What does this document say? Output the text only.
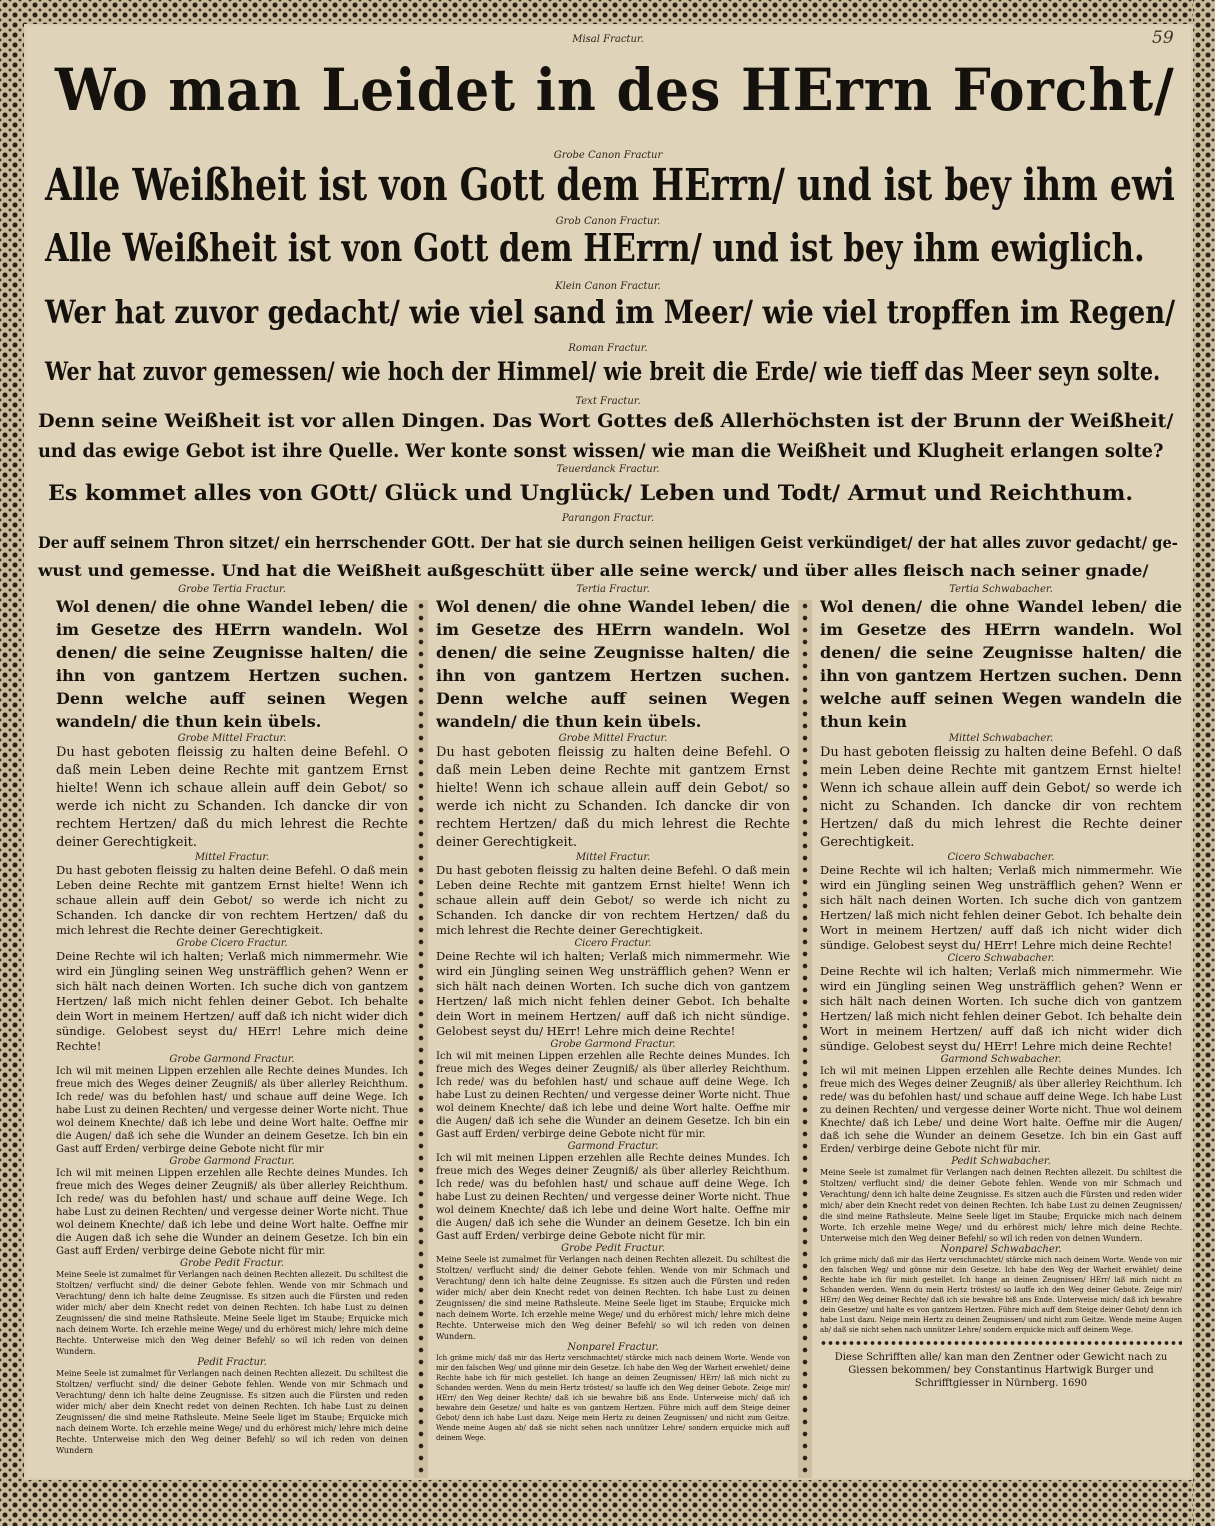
59
Misal Fractur.
Wo man Leidet in des HErrn Forcht/
Grobe Canon Fractur
Alle Weißheit ist von Gott dem HErrn/ und ist bey ihm ewi
Grob Canon Fractur.
Alle Weißheit ist von Gott dem HErrn/ und ist bey ihm ewiglich.
Klein Canon Fractur.
Wer hat zuvor gedacht/ wie viel sand im Meer/ wie viel tropffen im Regen/
Roman Fractur.
Wer hat zuvor gemessen/ wie hoch der Himmel/ wie breit die Erde/ wie tieff das Meer seyn solte.
Text Fractur.
Denn seine Weißheit ist vor allen Dingen. Das Wort Gottes deß Allerhöchsten ist der Brunn der Weißheit/
und das ewige Gebot ist ihre Quelle. Wer konte sonst wissen/ wie man die Weißheit und Klugheit erlangen solte?
Teuerdanck Fractur.
Es kommet alles von GOtt/ Glück und Unglück/ Leben und Todt/ Armut und Reichthum.
Parangon Fractur.
Der auff seinem Thron sitzet/ ein herrschender GOtt. Der hat sie durch seinen heiligen Geist verkündiget/ der hat alles zuvor gedacht/ ge-
wust und gemesse. Und hat die Weißheit außgeschütt über alle seine werck/ und über alles fleisch nach seiner gnade/
Grobe Tertia Fractur.

Wol denen/ die ohne Wandel leben/ die im Gesetze des HErrn wandeln. Wol denen/ die seine Zeugnisse halten/ die ihn von gantzem Hertzen suchen. Denn welche auff seinen Wegen wandeln/ die thun kein übels.

Grobe Mittel Fractur.

Du hast geboten fleissig zu halten deine Befehl. O daß mein Leben deine Rechte mit gantzem Ernst hielte! Wenn ich schaue allein auff dein Gebot/ so werde ich nicht zu Schanden. Ich dancke dir von rechtem Hertzen/ daß du mich lehrest die Rechte deiner Gerechtigkeit.

Mittel Fractur.

Du hast geboten fleissig zu halten deine Befehl. O daß mein Leben deine Rechte mit gantzem Ernst hielte! Wenn ich schaue allein auff dein Gebot/ so werde ich nicht zu Schanden. Ich dancke dir von rechtem Hertzen/ daß du mich lehrest die Rechte deiner Gerechtigkeit.

Grobe Cicero Fractur.

Deine Rechte wil ich halten; Verlaß mich nimmermehr. Wie wird ein Jüngling seinen Weg unsträfflich gehen? Wenn er sich hält nach deinen Worten. Ich suche dich von gantzem Hertzen/ laß mich nicht fehlen deiner Gebot. Ich behalte dein Wort in meinem Hertzen/ auff daß ich nicht wider dich sündige. Gelobest seyst du/ HErr! Lehre mich deine Rechte!

Grobe Garmond Fractur.

Ich wil mit meinen Lippen erzehlen alle Rechte deines Mundes. Ich freue mich des Weges deiner Zeugniß/ als über allerley Reichthum. Ich rede/ was du befohlen hast/ und schaue auff deine Wege. Ich habe Lust zu deinen Rechten/ und vergesse deiner Worte nicht. Thue wol deinem Knechte/ daß ich lebe und deine Wort halte. Oeffne mir die Augen/ daß ich sehe die Wunder an deinem Gesetze. Ich bin ein Gast auff Erden/ verbirge deine Gebote nicht für mir

Grobe Garmond Fractur.

Ich wil mit meinen Lippen erzehlen alle Rechte deines Mundes. Ich freue mich des Weges deiner Zeugniß/ als über allerley Reichthum. Ich rede/ was du befohlen hast/ und schaue auff deine Wege. Ich habe Lust zu deinen Rechten/ und vergesse deiner Worte nicht. Thue wol deinem Knechte/ daß ich lebe und deine Wort halte. Oeffne mir die Augen daß ich sehe die Wunder an deinem Gesetze. Ich bin ein Gast auff Erden/ verbirge deine Gebote nicht für mir.

Grobe Pedit Fractur.

Meine Seele ist zumalmet für Verlangen nach deinen Rechten allezeit. Du schiltest die Stoltzen/ verflucht sind/ die deiner Gebote fehlen. Wende von mir Schmach und Verachtung/ denn ich halte deine Zeugnisse. Es sitzen auch die Fürsten und reden wider mich/ aber dein Knecht redet von deinen Rechten. Ich habe Lust zu deinen Zeugnissen/ die sind meine Rathsleute. Meine Seele liget im Staube; Erquicke mich nach deinem Worte. Ich erzehle meine Wege/ und du erhörest mich/ lehre mich deine Rechte. Unterweise mich den Weg deiner Befehl/ so wil ich reden von deinen Wundern.

Pedit Fractur.

Meine Seele ist zumalmet für Verlangen nach deinen Rechten allezeit. Du schiltest die Stoltzen/ verflucht sind/ die deiner Gebote fehlen. Wende von mir Schmach und Verachtung/ denn ich halte deine Zeugnisse. Es sitzen auch die Fürsten und reden wider mich/ aber dein Knecht redet von deinen Rechten. Ich habe Lust zu deinen Zeugnissen/ die sind meine Rathsleute. Meine Seele liget im Staube; Erquicke mich nach deinem Worte. Ich erzehle meine Wege/ und du erhörest mich/ lehre mich deine Rechte. Unterweise mich den Weg deiner Befehl/ so wil ich reden von deinen Wundern

Tertia Fractur.

Wol denen/ die ohne Wandel leben/ die im Gesetze des HErrn wandeln. Wol denen/ die seine Zeugnisse halten/ die ihn von gantzem Hertzen suchen. Denn welche auff seinen Wegen wandeln/ die thun kein übels.

Grobe Mittel Fractur.

Du hast geboten fleissig zu halten deine Befehl. O daß mein Leben deine Rechte mit gantzem Ernst hielte! Wenn ich schaue allein auff dein Gebot/ so werde ich nicht zu Schanden. Ich dancke dir von rechtem Hertzen/ daß du mich lehrest die Rechte deiner Gerechtigkeit.

Mittel Fractur.

Du hast geboten fleissig zu halten deine Befehl. O daß mein Leben deine Rechte mit gantzem Ernst hielte! Wenn ich schaue allein auff dein Gebot/ so werde ich nicht zu Schanden. Ich dancke dir von rechtem Hertzen/ daß du mich lehrest die Rechte deiner Gerechtigkeit.

Cicero Fractur.

Deine Rechte wil ich halten; Verlaß mich nimmermehr. Wie wird ein Jüngling seinen Weg unsträfflich gehen? Wenn er sich hält nach deinen Worten. Ich suche dich von gantzem Hertzen/ laß mich nicht fehlen deiner Gebot. Ich behalte dein Wort in meinem Hertzen/ auff daß ich nicht sündige. Gelobest seyst du/ HErr! Lehre mich deine Rechte!

Grobe Garmond Fractur.

Ich wil mit meinen Lippen erzehlen alle Rechte deines Mundes. Ich freue mich des Weges deiner Zeugniß/ als über allerley Reichthum. Ich rede/ was du befohlen hast/ und schaue auff deine Wege. Ich habe Lust zu deinen Rechten/ und vergesse deiner Worte nicht. Thue wol deinem Knechte/ daß ich lebe und deine Wort halte. Oeffne mir die Augen/ daß ich sehe die Wunder an deinem Gesetze. Ich bin ein Gast auff Erden/ verbirge deine Gebote nicht für mir.

Garmond Fractur.

Ich wil mit meinen Lippen erzehlen alle Rechte deines Mundes. Ich freue mich des Weges deiner Zeugniß/ als über allerley Reichthum. Ich rede/ was du befohlen hast/ und schaue auff deine Wege. Ich habe Lust zu deinen Rechten/ und vergesse deiner Worte nicht. Thue wol deinem Knechte/ daß ich lebe und deine Wort halte. Oeffne mir die Augen/ daß ich sehe die Wunder an deinem Gesetze. Ich bin ein Gast auff Erden/ verbirge deine Gebote nicht für mir.

Grobe Pedit Fractur.

Meine Seele ist zumalmet für Verlangen nach deinen Rechten allezeit. Du schiltest die Stoltzen/ verflucht sind/ die deiner Gebote fehlen. Wende von mir Schmach und Verachtung/ denn ich halte deine Zeugnisse. Es sitzen auch die Fürsten und reden wider mich/ aber dein Knecht redet von deinen Rechten. Ich habe Lust zu deinen Zeugnissen/ die sind meine Rathsleute. Meine Seele liget im Staube; Erquicke mich nach deinem Worte. Ich erzehle meine Wege/ und du erhörest mich/ lehre mich deine Rechte. Unterweise mich den Weg deiner Befehl/ so wil ich reden von deinen Wundern.

Nonparel Fractur.

Ich gräme mich/ daß mir das Hertz verschmachtet/ stärcke mich nach deinem Worte. Wende von mir den falschen Weg/ und gönne mir dein Gesetze. Ich habe den Weg der Warheit erwehlet/ deine Rechte habe ich für mich gestellet. Ich hange an deinen Zeugnissen/ HErr/ laß mich nicht zu Schanden werden. Wenn du mein Hertz tröstest/ so lauffe ich den Weg deiner Gebote. Zeige mir/ HErr/ den Weg deiner Rechte/ daß ich sie bewahre biß ans Ende. Unterweise mich/ daß ich bewahre dein Gesetze/ und halte es von gantzem Hertzen. Führe mich auff dem Steige deiner Gebot/ denn ich habe Lust dazu. Neige mein Hertz zu deinen Zeugnissen/ und nicht zum Geitze. Wende meine Augen ab/ daß sie nicht sehen nach unnützer Lehre/ sondern erquicke mich auff deinem Wege.

Tertia Schwabacher.

Wol denen/ die ohne Wandel leben/ die im Gesetze des HErrn wandeln. Wol denen/ die seine Zeugnisse halten/ die ihn von gantzem Hertzen suchen. Denn welche auff seinen Wegen wandeln die thun kein

Mittel Schwabacher.

Du hast geboten fleissig zu halten deine Befehl. O daß mein Leben deine Rechte mit gantzem Ernst hielte! Wenn ich schaue allein auff dein Gebot/ so werde ich nicht zu Schanden. Ich dancke dir von rechtem Hertzen/ daß du mich lehrest die Rechte deiner Gerechtigkeit.

Cicero Schwabacher.

Deine Rechte wil ich halten; Verlaß mich nimmermehr. Wie wird ein Jüngling seinen Weg unsträfflich gehen? Wenn er sich hält nach deinen Worten. Ich suche dich von gantzem Hertzen/ laß mich nicht fehlen deiner Gebot. Ich behalte dein Wort in meinem Hertzen/ auff daß ich nicht wider dich sündige. Gelobest seyst du/ HErr! Lehre mich deine Rechte!

Cicero Schwabacher.

Deine Rechte wil ich halten; Verlaß mich nimmermehr. Wie wird ein Jüngling seinen Weg unsträfflich gehen? Wenn er sich hält nach deinen Worten. Ich suche dich von gantzem Hertzen/ laß mich nicht fehlen deiner Gebot. Ich behalte dein Wort in meinem Hertzen/ auff daß ich nicht wider dich sündige. Gelobest seyst du/ HErr! Lehre mich deine Rechte!

Garmond Schwabacher.

Ich wil mit meinen Lippen erzehlen alle Rechte deines Mundes. Ich freue mich des Weges deiner Zeugniß/ als über allerley Reichthum. Ich rede/ was du befohlen hast/ und schaue auff deine Wege. Ich habe Lust zu deinen Rechten/ und vergesse deiner Worte nicht. Thue wol deinem Knechte/ daß ich Lebe/ und deine Wort halte. Oeffne mir die Augen/ daß ich sehe die Wunder an deinem Gesetze. Ich bin ein Gast auff Erden/ verbirge deine Gebote nicht für mir.

Pedit Schwabacher.

Meine Seele ist zumalmet für Verlangen nach deinen Rechten allezeit. Du schiltest die Stoltzen/ verflucht sind/ die deiner Gebote fehlen. Wende von mir Schmach und Verachtung/ denn ich halte deine Zeugnisse. Es sitzen auch die Fürsten und reden wider mich/ aber dein Knecht redet von deinen Rechten. Ich habe Lust zu deinen Zeugnissen/ die sind meine Rathsleute. Meine Seele liget im Staube; Erquicke mich nach deinem Worte. Ich erzehle meine Wege/ und du erhörest mich/ lehre mich deine Rechte. Unterweise mich den Weg deiner Befehl/ so wil ich reden von deinen Wundern.

Nonparel Schwabacher.

Ich gräme mich/ daß mir das Hertz verschmachtet/ stärcke mich nach deinem Worte. Wende von mir den falschen Weg/ und gönne mir dein Gesetze. Ich habe den Weg der Warheit erwählet/ deine Rechte habe ich für mich gestellet. Ich hange an deinen Zeugnissen/ HErr/ laß mich nicht zu Schanden werden. Wenn du mein Hertz tröstest/ so lauffe ich den Weg deiner Gebote. Zeige mir/ HErr/ den Weg deiner Rechte/ daß ich sie bewahre biß ans Ende. Unterweise mich/ daß ich bewahre dein Gesetze/ und halte es von gantzem Hertzen. Führe mich auff dem Steige deiner Gebot/ denn ich habe Lust dazu. Neige mein Hertz zu deinen Zeugnissen/ und nicht zum Geitze. Wende meine Augen ab/ daß sie nicht sehen nach unnützer Lehre/ sondern erquicke mich auff deinem Wege.

Diese Schrifften alle/ kan man den Zentner oder Gewicht nach zu Giessen bekommen/ bey Constantinus Hartwigk Burger und Schrifftgiesser in Nürnberg. 1690
